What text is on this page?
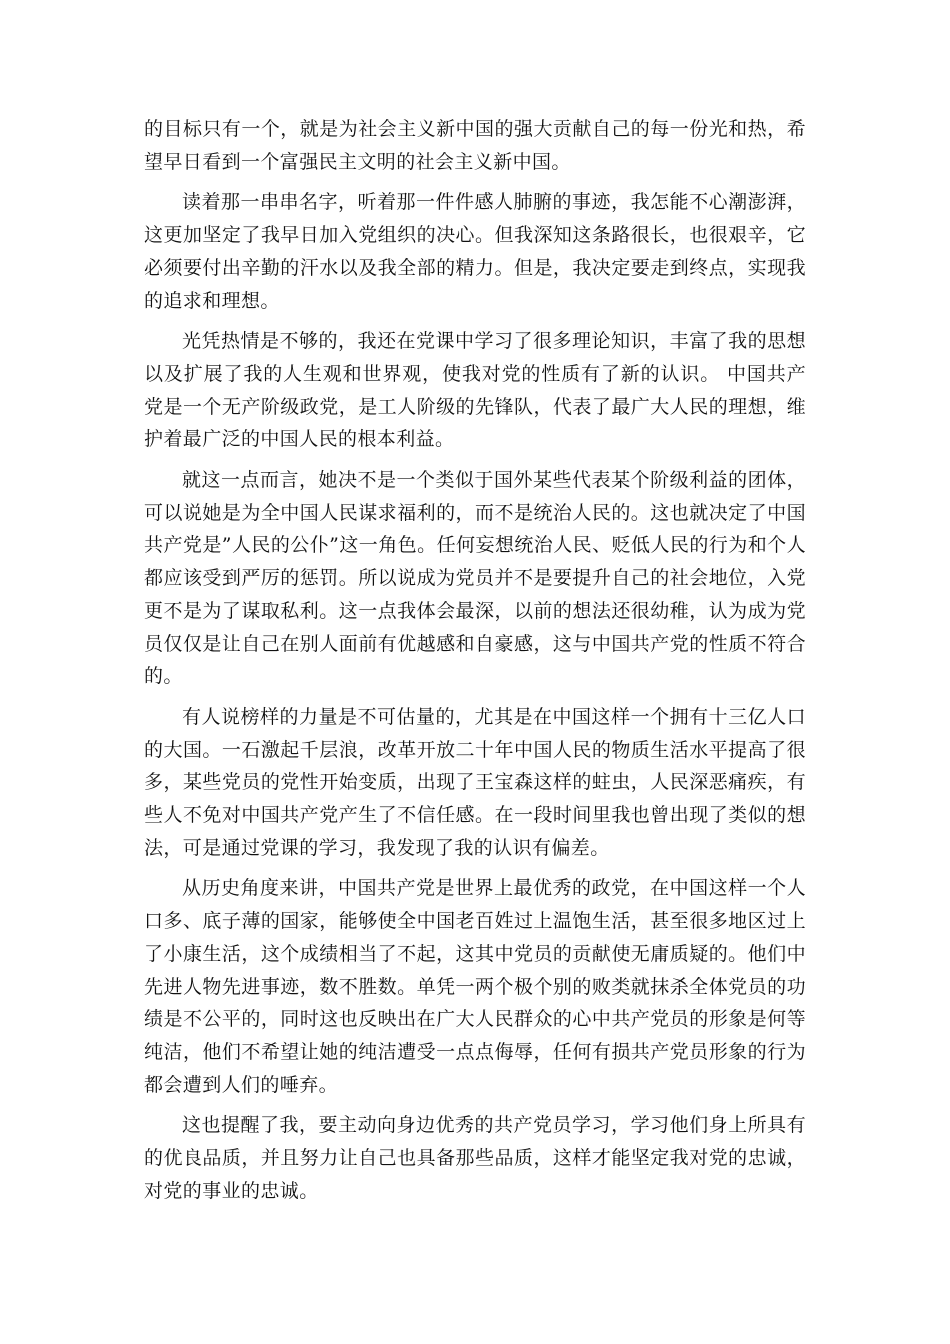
的目标只有一个，就是为社会主义新中国的强大贡献自己的每一份光和热，希望早日看到一个富强民主文明的社会主义新中国。

读着那一串串名字，听着那一件件感人肺腑的事迹，我怎能不心潮澎湃，这更加坚定了我早日加入党组织的决心。但我深知这条路很长，也很艰辛，它必须要付出辛勤的汗水以及我全部的精力。但是，我决定要走到终点，实现我的追求和理想。

光凭热情是不够的，我还在党课中学习了很多理论知识，丰富了我的思想以及扩展了我的人生观和世界观，使我对党的性质有了新的认识。 中国共产党是一个无产阶级政党，是工人阶级的先锋队，代表了最广大人民的理想，维护着最广泛的中国人民的根本利益。

就这一点而言，她决不是一个类似于国外某些代表某个阶级利益的团体，可以说她是为全中国人民谋求福利的，而不是统治人民的。这也就决定了中国共产党是”人民的公仆”这一角色。任何妄想统治人民、贬低人民的行为和个人都应该受到严厉的惩罚。所以说成为党员并不是要提升自己的社会地位，入党更不是为了谋取私利。这一点我体会最深，以前的想法还很幼稚，认为成为党员仅仅是让自己在别人面前有优越感和自豪感，这与中国共产党的性质不符合的。

有人说榜样的力量是不可估量的，尤其是在中国这样一个拥有十三亿人口的大国。一石激起千层浪，改革开放二十年中国人民的物质生活水平提高了很多，某些党员的党性开始变质，出现了王宝森这样的蛀虫，人民深恶痛疾，有些人不免对中国共产党产生了不信任感。在一段时间里我也曾出现了类似的想法，可是通过党课的学习，我发现了我的认识有偏差。

从历史角度来讲，中国共产党是世界上最优秀的政党，在中国这样一个人口多、底子薄的国家，能够使全中国老百姓过上温饱生活，甚至很多地区过上了小康生活，这个成绩相当了不起，这其中党员的贡献使无庸质疑的。他们中先进人物先进事迹，数不胜数。单凭一两个极个别的败类就抹杀全体党员的功绩是不公平的，同时这也反映出在广大人民群众的心中共产党员的形象是何等纯洁，他们不希望让她的纯洁遭受一点点侮辱，任何有损共产党员形象的行为都会遭到人们的唾弃。

这也提醒了我，要主动向身边优秀的共产党员学习，学习他们身上所具有的优良品质，并且努力让自己也具备那些品质，这样才能坚定我对党的忠诚，对党的事业的忠诚。
